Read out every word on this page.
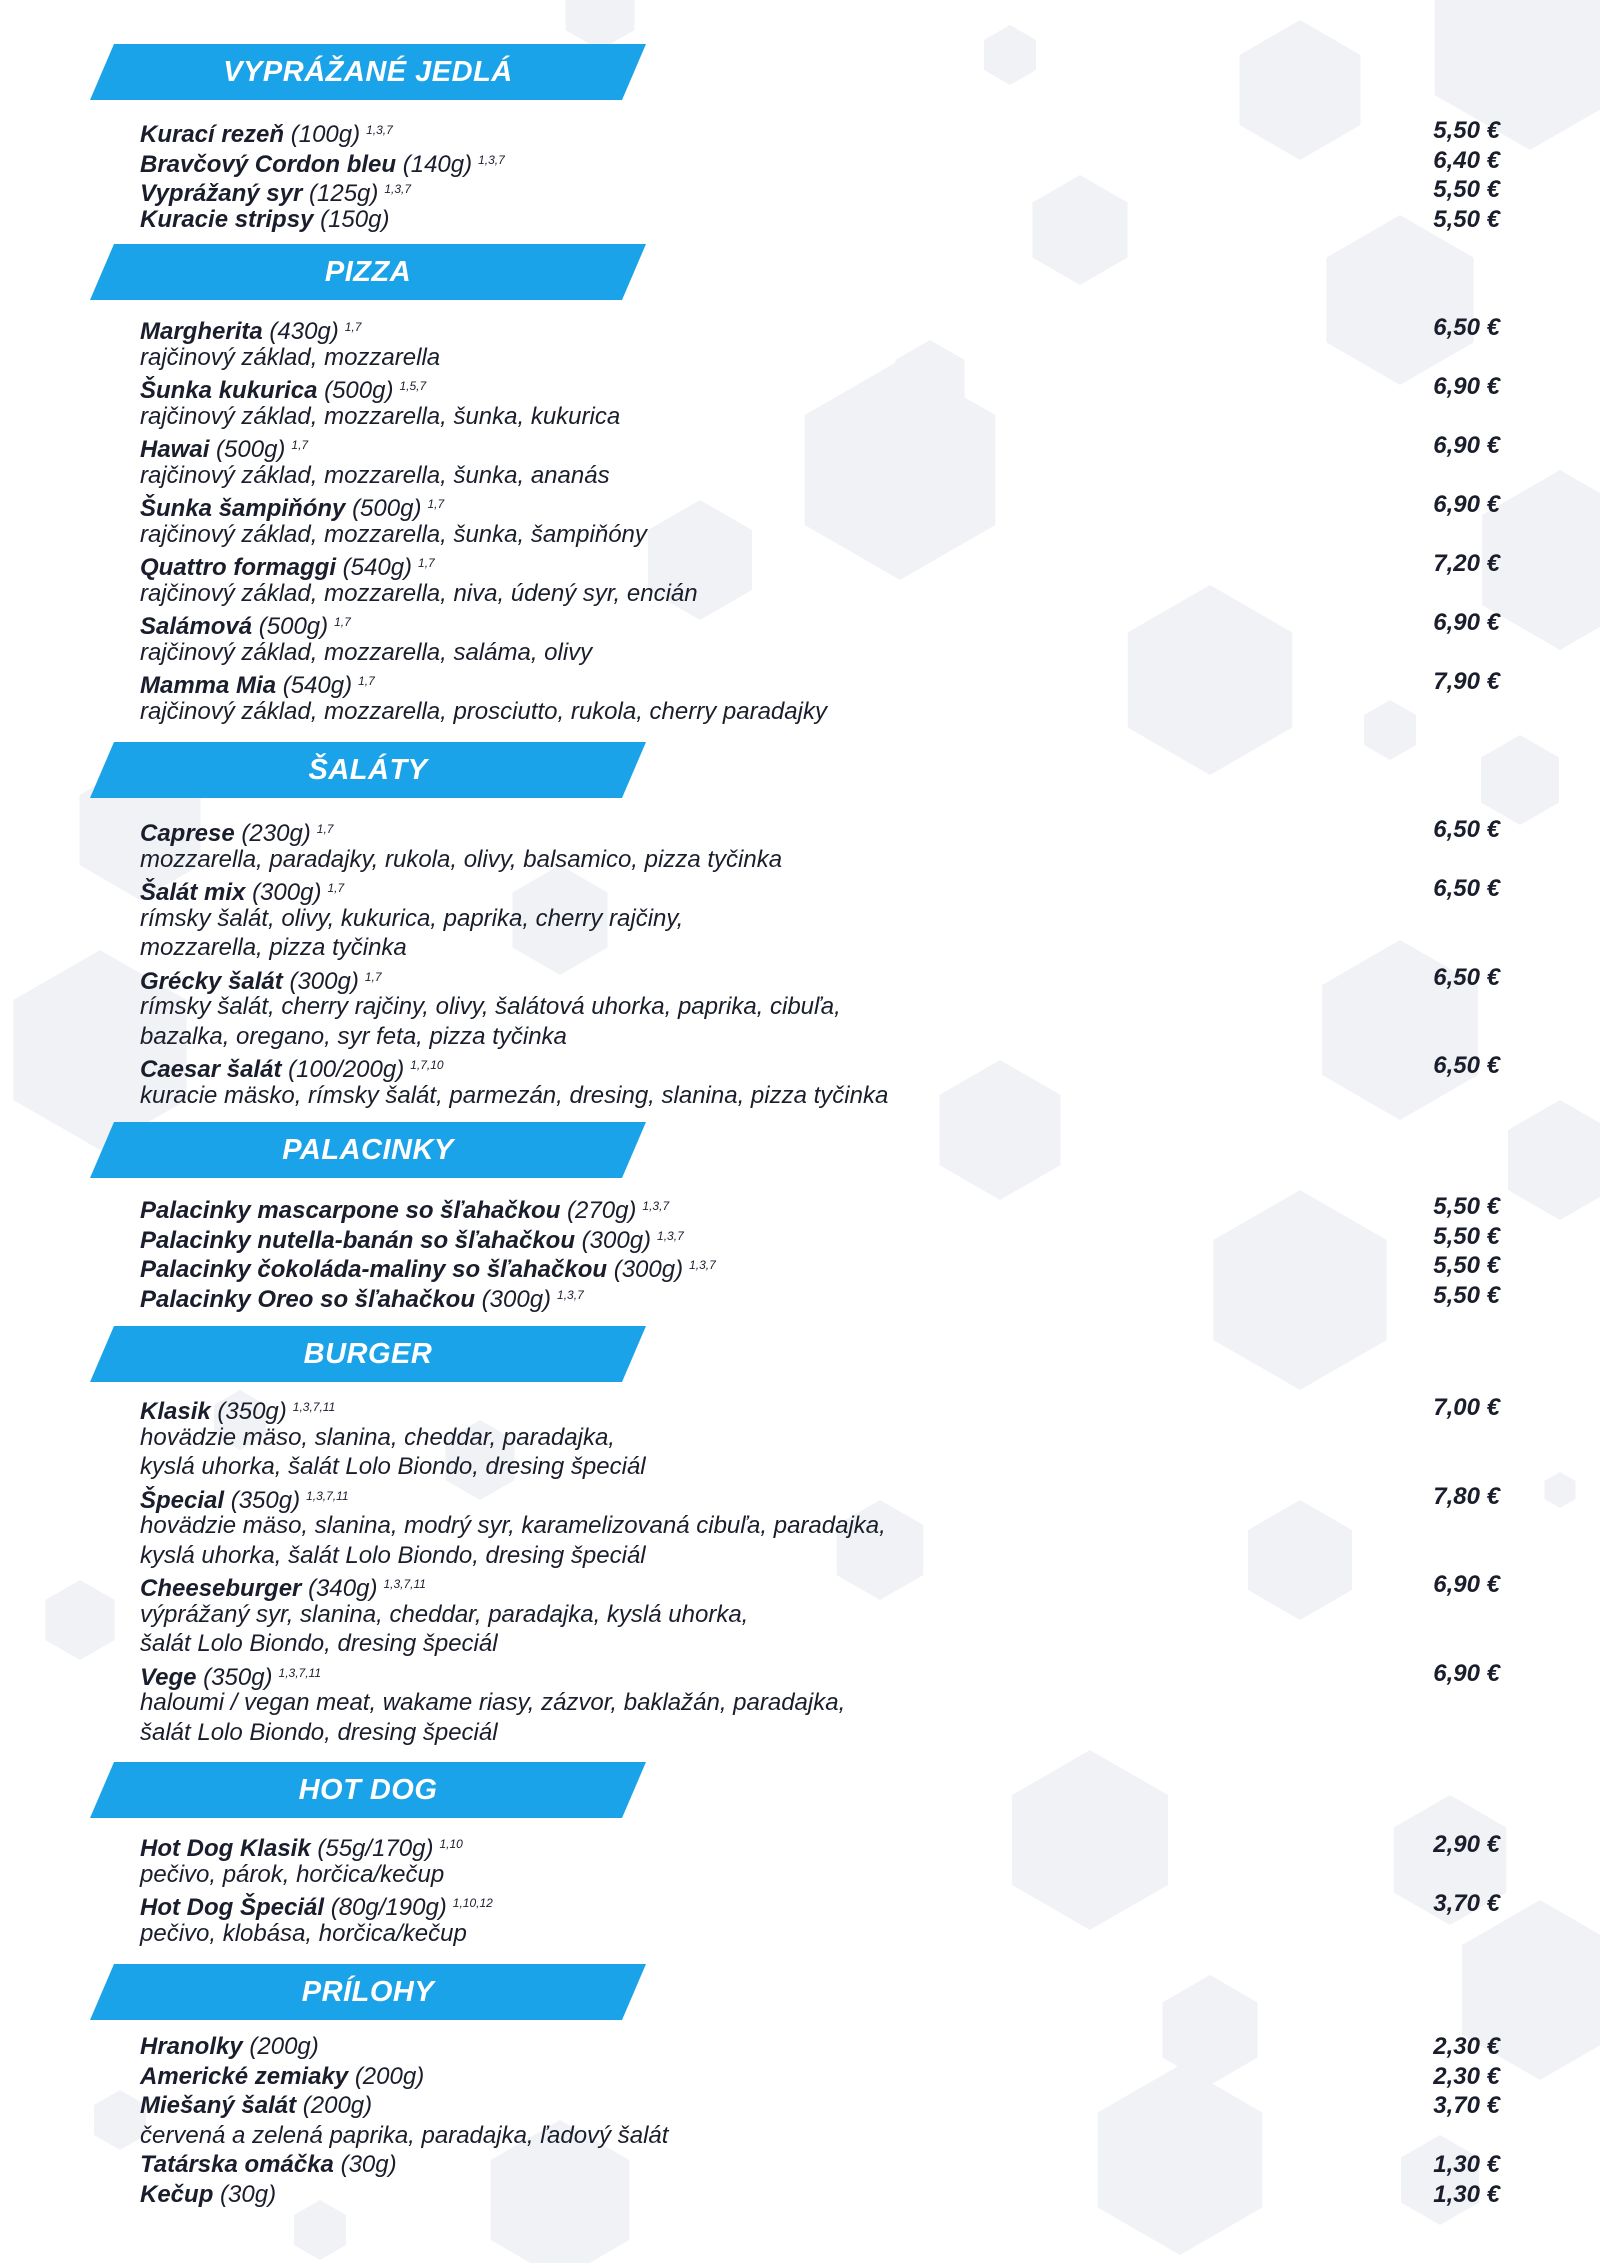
VYPRÁŽANÉ JEDLÁ
Kurací rezeň (100g) $^{1,3,7}$	5,50 €
Bravčový Cordon bleu (140g) $^{1,3,7}$	6,40 €
Vyprážaný syr (125g) $^{1,3,7}$	5,50 €
Kuracie stripsy (150g)	5,50 €
PIZZA
Margherita (430g) $^{1,7}$	6,50 €
rajčinový základ, mozzarella
Šunka kukurica (500g) $^{1,5,7}$	6,90 €
rajčinový základ, mozzarella, šunka, kukurica
Hawai (500g) $^{1,7}$	6,90 €
rajčinový základ, mozzarella, šunka, ananás
Šunka šampiňóny (500g) $^{1,7}$	6,90 €
rajčinový základ, mozzarella, šunka, šampiňóny
Quattro formaggi (540g) $^{1,7}$	7,20 €
rajčinový základ, mozzarella, niva, údený syr, encián
Salámová (500g) $^{1,7}$	6,90 €
rajčinový základ, mozzarella, saláma, olivy
Mamma Mia (540g) $^{1,7}$	7,90 €
rajčinový základ, mozzarella, prosciutto, rukola, cherry paradajky
ŠALÁTY
Caprese (230g) $^{1,7}$	6,50 €
mozzarella, paradajky, rukola, olivy, balsamico, pizza tyčinka
Šalát mix (300g) $^{1,7}$	6,50 €
rímsky šalát, olivy, kukurica, paprika, cherry rajčiny,
mozzarella, pizza tyčinka
Grécky šalát (300g) $^{1,7}$	6,50 €
rímsky šalát, cherry rajčiny, olivy, šalátová uhorka, paprika, cibuľa,
bazalka, oregano, syr feta, pizza tyčinka
Caesar šalát (100/200g) $^{1,7,10}$	6,50 €
kuracie mäsko, rímsky šalát, parmezán, dresing, slanina, pizza tyčinka
PALACINKY
Palacinky mascarpone so šľahačkou (270g) $^{1,3,7}$	5,50 €
Palacinky nutella-banán so šľahačkou (300g) $^{1,3,7}$	5,50 €
Palacinky čokoláda-maliny so šľahačkou (300g) $^{1,3,7}$	5,50 €
Palacinky Oreo so šľahačkou (300g) $^{1,3,7}$	5,50 €
BURGER
Klasik (350g) $^{1,3,7,11}$	7,00 €
hovädzie mäso, slanina, cheddar, paradajka,
kyslá uhorka, šalát Lolo Biondo, dresing špeciál
Špecial (350g) $^{1,3,7,11}$	7,80 €
hovädzie mäso, slanina, modrý syr, karamelizovaná cibuľa, paradajka,
kyslá uhorka, šalát Lolo Biondo, dresing špeciál
Cheeseburger (340g) $^{1,3,7,11}$	6,90 €
výprážaný syr, slanina, cheddar, paradajka, kyslá uhorka,
šalát Lolo Biondo, dresing špeciál
Vege (350g) $^{1,3,7,11}$	6,90 €
haloumi / vegan meat, wakame riasy, zázvor, baklažán, paradajka,
šalát Lolo Biondo, dresing špeciál
HOT DOG
Hot Dog Klasik (55g/170g) $^{1,10}$	2,90 €
pečivo, párok, horčica/kečup
Hot Dog Špeciál (80g/190g) $^{1,10,12}$	3,70 €
pečivo, klobása, horčica/kečup
PRÍLOHY
Hranolky (200g)	2,30 €
Americké zemiaky (200g)	2,30 €
Miešaný šalát (200g)	3,70 €
červená a zelená paprika, paradajka, ľadový šalát
Tatárska omáčka (30g)	1,30 €
Kečup (30g)	1,30 €
